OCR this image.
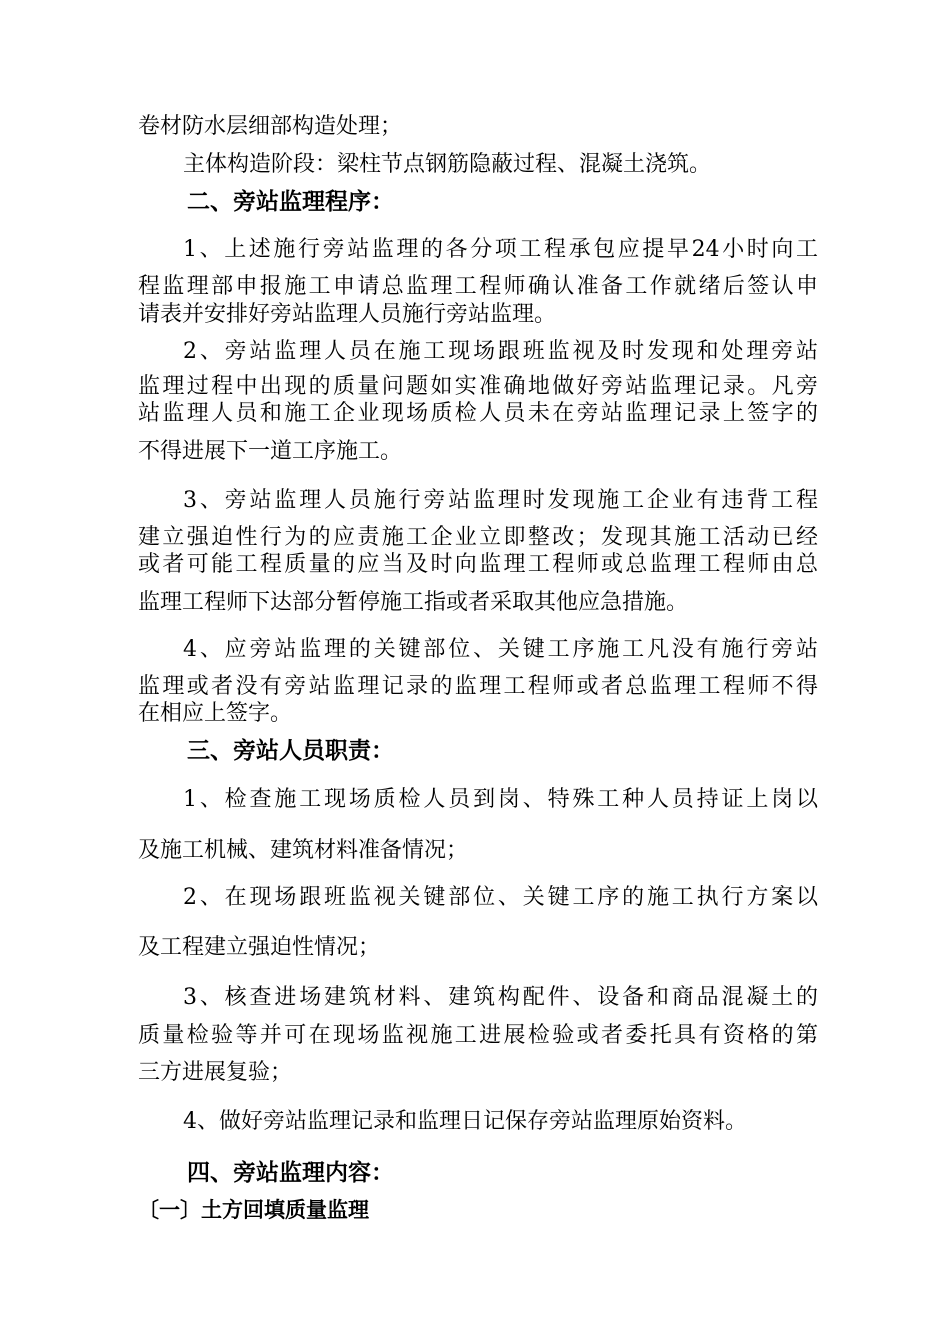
卷材防水层细部构造处理；
主体构造阶段：梁柱节点钢筋隐蔽过程、混凝土浇筑。
二、旁站监理程序：
1、上述施行旁站监理的各分项工程承包应提早24小时向工
程监理部申报施工申请总监理工程师确认准备工作就绪后签认申
请表并安排好旁站监理人员施行旁站监理。
2、旁站监理人员在施工现场跟班监视及时发现和处理旁站
监理过程中出现的质量问题如实准确地做好旁站监理记录。凡旁
站监理人员和施工企业现场质检人员未在旁站监理记录上签字的
不得进展下一道工序施工。
3、旁站监理人员施行旁站监理时发现施工企业有违背工程
建立强迫性行为的应责施工企业立即整改；发现其施工活动已经
或者可能工程质量的应当及时向监理工程师或总监理工程师由总
监理工程师下达部分暂停施工指或者采取其他应急措施。
4、应旁站监理的关键部位、关键工序施工凡没有施行旁站
监理或者没有旁站监理记录的监理工程师或者总监理工程师不得
在相应上签字。
三、旁站人员职责：
1、检查施工现场质检人员到岗、特殊工种人员持证上岗以
及施工机械、建筑材料准备情况；
2、在现场跟班监视关键部位、关键工序的施工执行方案以
及工程建立强迫性情况；
3、核查进场建筑材料、建筑构配件、设备和商品混凝土的
质量检验等并可在现场监视施工进展检验或者委托具有资格的第
三方进展复验；
4、做好旁站监理记录和监理日记保存旁站监理原始资料。
四、旁站监理内容：
〔一〕土方回填质量监理
